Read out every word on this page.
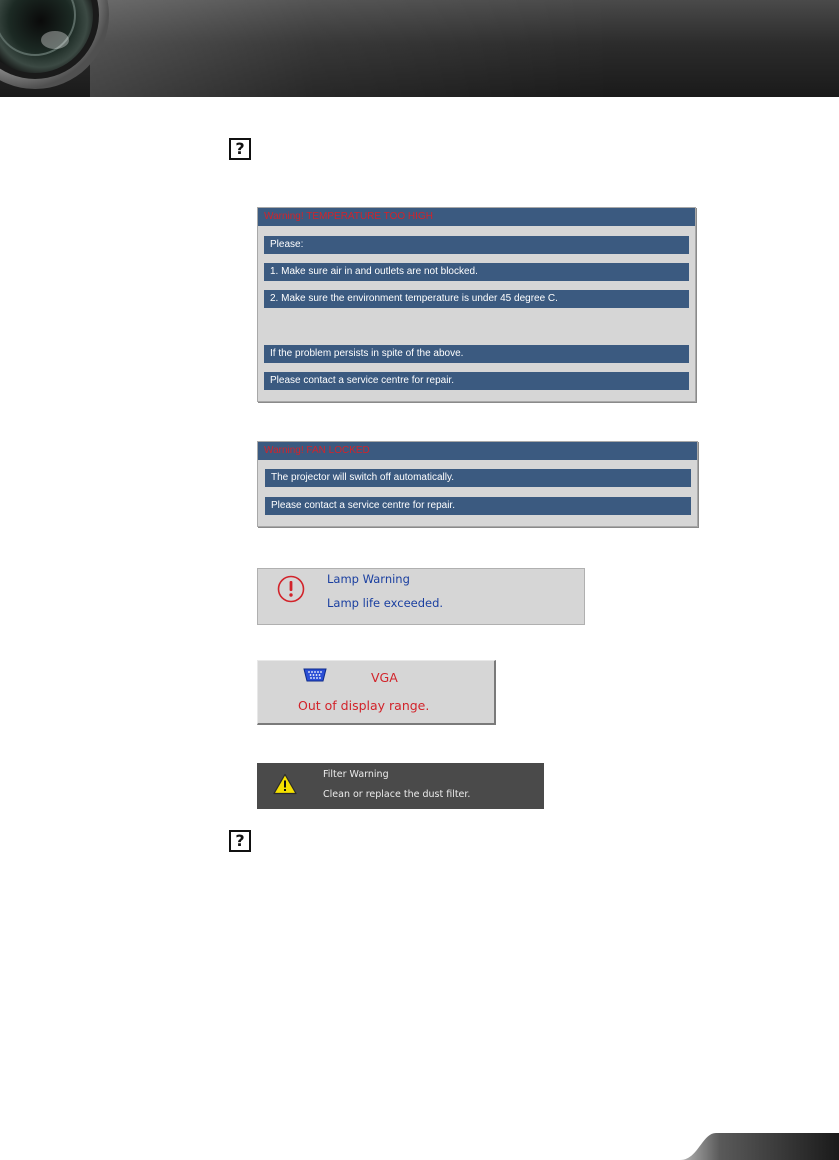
?
Warning! TEMPERATURE TOO HIGH
Please:
1. Make sure air in and outlets are not blocked.
2. Make sure the environment temperature is under 45 degree C.
If the problem persists in spite of the above.
Please contact a service centre for repair.
Warning! FAN LOCKED
The projector will switch off automatically.
Please contact a service centre for repair.
Lamp Warning
Lamp life exceeded.
VGA
Out of display range.
Filter Warning
Clean or replace the dust filter.
?
